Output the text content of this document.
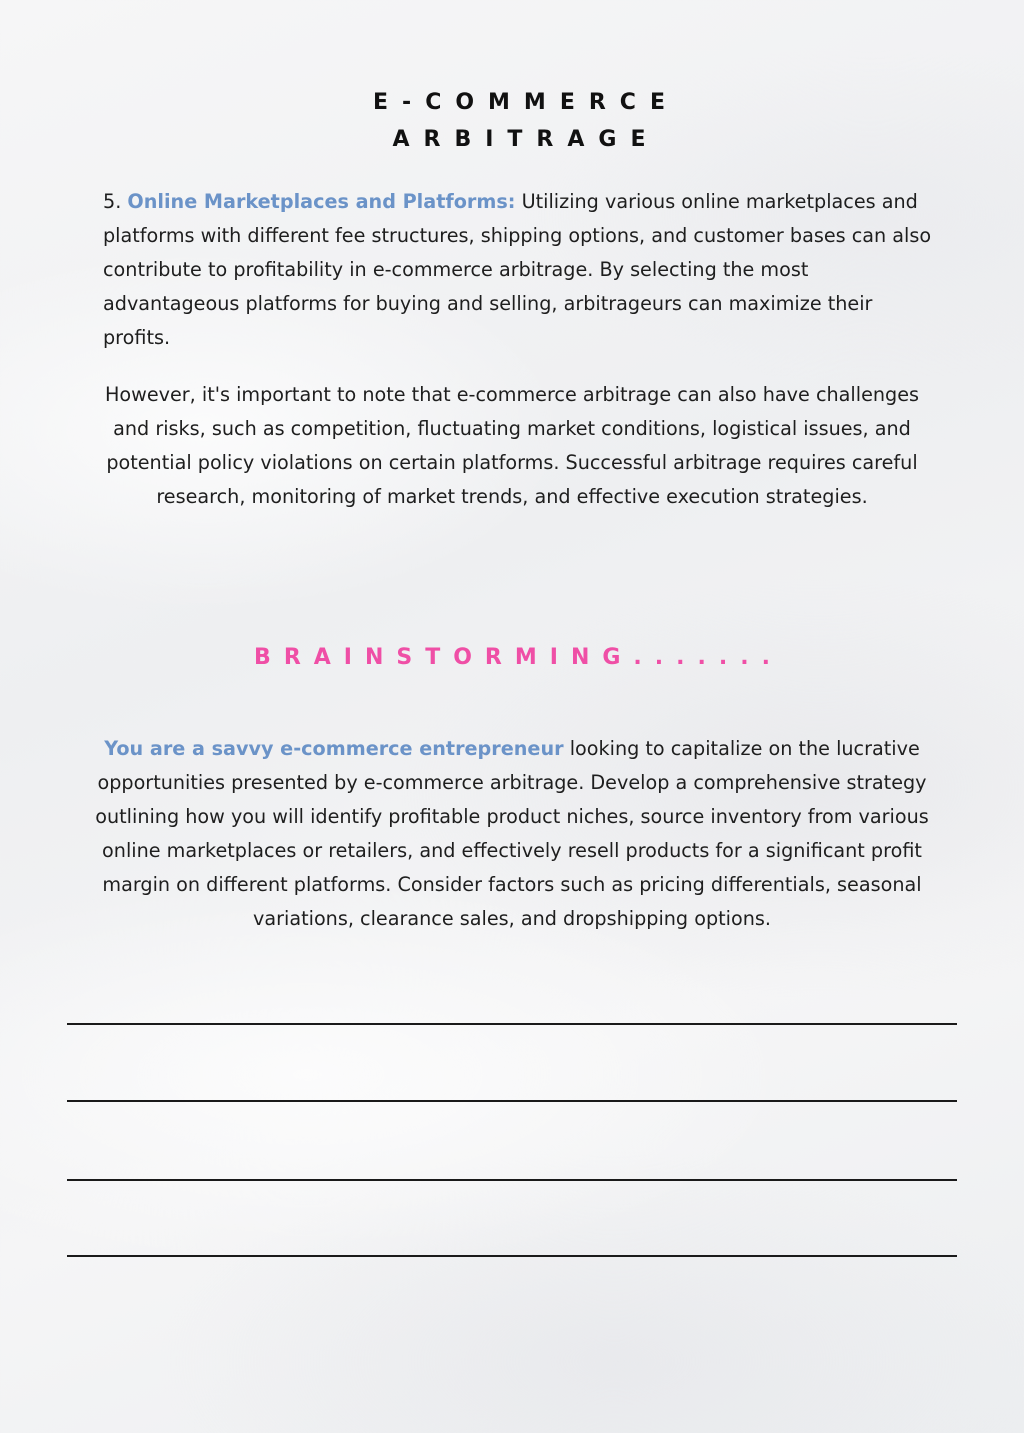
E-COMMERCE
ARBITRAGE

5. Online Marketplaces and Platforms: Utilizing various online marketplaces and platforms with different fee structures, shipping options, and customer bases can also contribute to profitability in e-commerce arbitrage. By selecting the most advantageous platforms for buying and selling, arbitrageurs can maximize their profits.

However, it's important to note that e-commerce arbitrage can also have challenges and risks, such as competition, fluctuating market conditions, logistical issues, and potential policy violations on certain platforms. Successful arbitrage requires careful research, monitoring of market trends, and effective execution strategies.

BRAINSTORMING.......

You are a savvy e-commerce entrepreneur looking to capitalize on the lucrative opportunities presented by e-commerce arbitrage. Develop a comprehensive strategy outlining how you will identify profitable product niches, source inventory from various online marketplaces or retailers, and effectively resell products for a significant profit margin on different platforms. Consider factors such as pricing differentials, seasonal variations, clearance sales, and dropshipping options.
